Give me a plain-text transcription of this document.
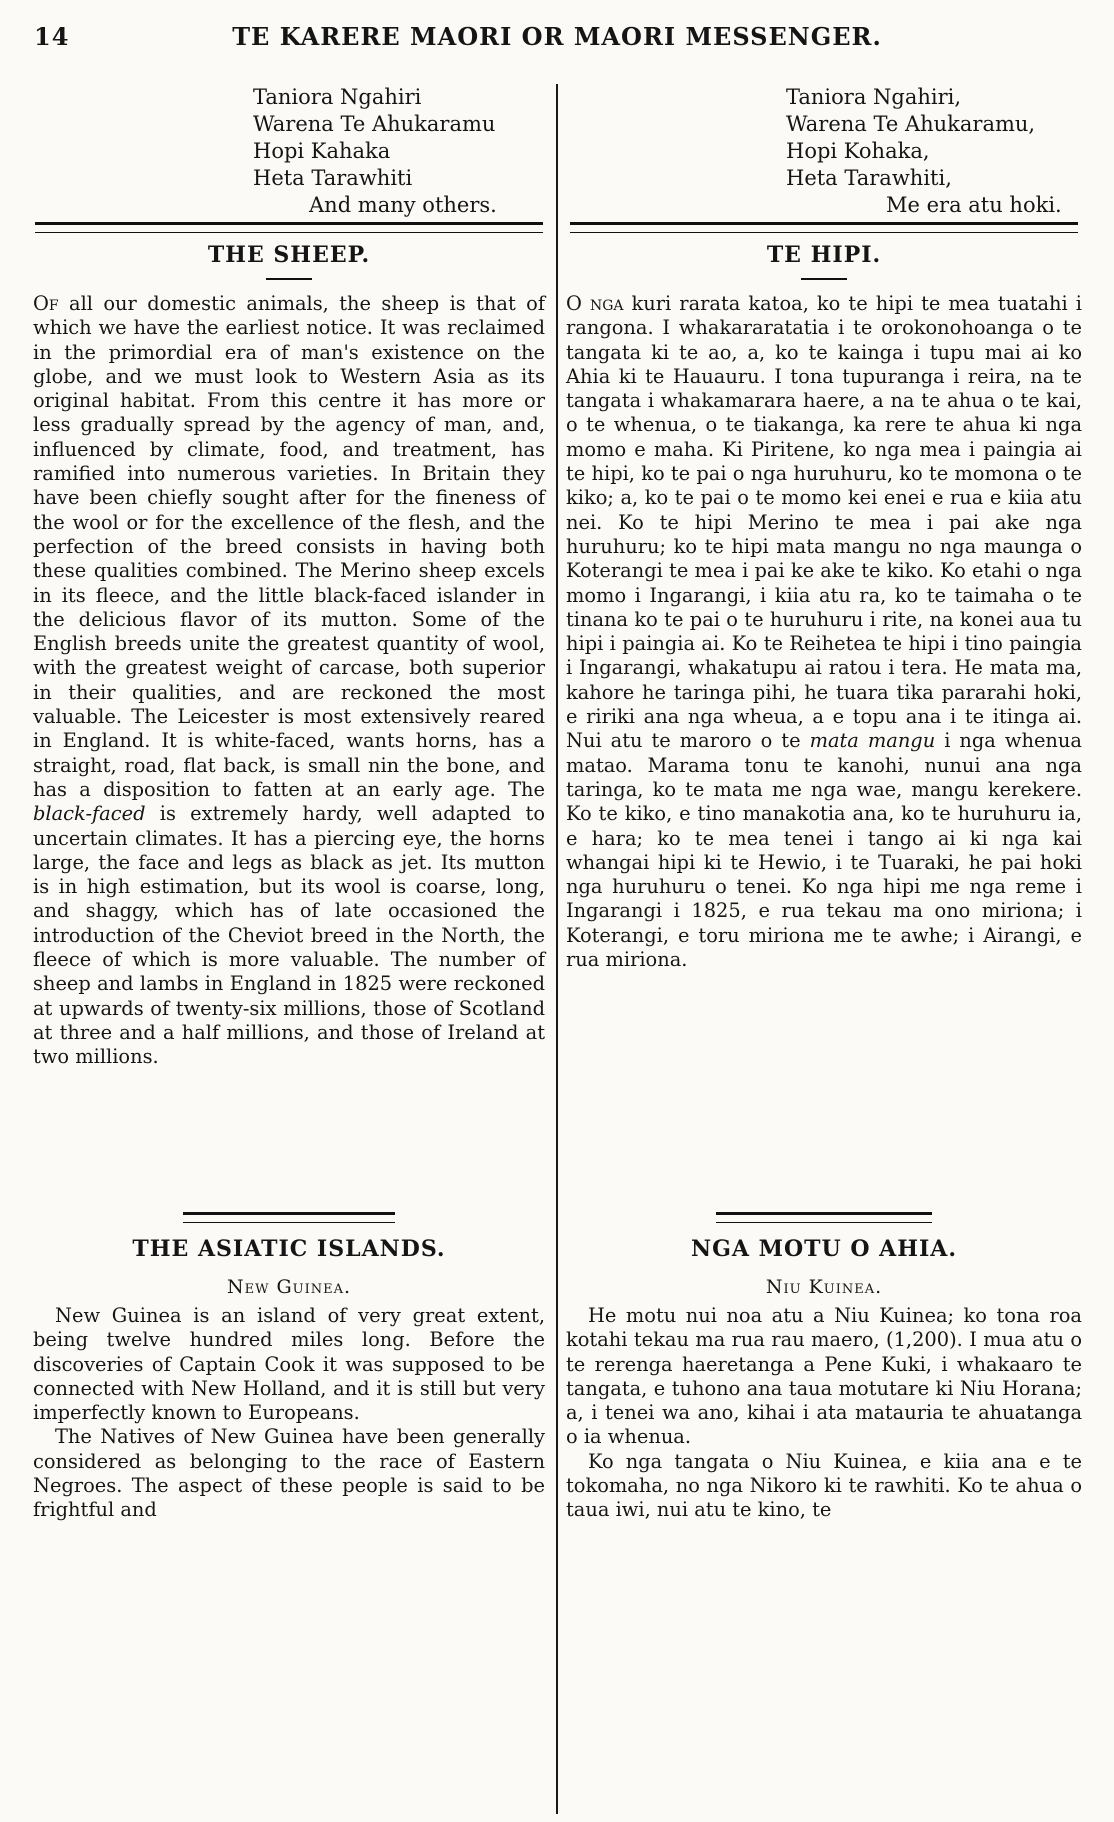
14	TE KARERE MAORI OR MAORI MESSENGER.
Taniora Ngahiri
Warena Te Ahukaramu
Hopi Kahaka
Heta Tarawhiti
And many others.
THE SHEEP.

Of all our domestic animals, the sheep is that of which we have the earliest notice. It was reclaimed in the primordial era of man's existence on the globe, and we must look to Western Asia as its original habitat. From this centre it has more or less gradually spread by the agency of man, and, influenced by climate, food, and treatment, has ramified into numerous varieties. In Britain they have been chiefly sought after for the fineness of the wool or for the excellence of the flesh, and the perfection of the breed consists in having both these qualities combined. The Merino sheep excels in its fleece, and the little black-faced islander in the delicious flavor of its mutton. Some of the English breeds unite the greatest quantity of wool, with the greatest weight of carcase, both superior in their qualities, and are reckoned the most valuable. The Leicester is most extensively reared in England. It is white-faced, wants horns, has a straight, road, flat back, is small nin the bone, and has a disposition to fatten at an early age. The black-faced is extremely hardy, well adapted to uncertain climates. It has a piercing eye, the horns large, the face and legs as black as jet. Its mutton is in high estimation, but its wool is coarse, long, and shaggy, which has of late occasioned the introduction of the Cheviot breed in the North, the fleece of which is more valuable. The number of sheep and lambs in England in 1825 were reckoned at upwards of twenty-six millions, those of Scotland at three and a half millions, and those of Ireland at two millions.

THE ASIATIC ISLANDS.
New Guinea.

New Guinea is an island of very great extent, being twelve hundred miles long. Before the discoveries of Captain Cook it was supposed to be connected with New Holland, and it is still but very imperfectly known to Europeans.

The Natives of New Guinea have been generally considered as belonging to the race of Eastern Negroes. The aspect of these people is said to be frightful and

Taniora Ngahiri,
Warena Te Ahukaramu,
Hopi Kohaka,
Heta Tarawhiti,
Me era atu hoki.
TE HIPI.

O nga kuri rarata katoa, ko te hipi te mea tuatahi i rangona. I whakararatatia i te orokonohoanga o te tangata ki te ao, a, ko te kainga i tupu mai ai ko Ahia ki te Hauauru. I tona tupuranga i reira, na te tangata i whakamarara haere, a na te ahua o te kai, o te whenua, o te tiakanga, ka rere te ahua ki nga momo e maha. Ki Piritene, ko nga mea i paingia ai te hipi, ko te pai o nga huruhuru, ko te momona o te kiko; a, ko te pai o te momo kei enei e rua e kiia atu nei. Ko te hipi Merino te mea i pai ake nga huruhuru; ko te hipi mata mangu no nga maunga o Koterangi te mea i pai ke ake te kiko. Ko etahi o nga momo i Ingarangi, i kiia atu ra, ko te taimaha o te tinana ko te pai o te huruhuru i rite, na konei aua tu hipi i paingia ai. Ko te Reihetea te hipi i tino paingia i Ingarangi, whakatupu ai ratou i tera. He mata ma, kahore he taringa pihi, he tuara tika pararahi hoki, e ririki ana nga wheua, a e topu ana i te itinga ai. Nui atu te maroro o te mata mangu i nga whenua matao. Marama tonu te kanohi, nunui ana nga taringa, ko te mata me nga wae, mangu kerekere. Ko te kiko, e tino manakotia ana, ko te huruhuru ia, e hara; ko te mea tenei i tango ai ki nga kai whangai hipi ki te Hewio, i te Tuaraki, he pai hoki nga huruhuru o tenei. Ko nga hipi me nga reme i Ingarangi i 1825, e rua tekau ma ono miriona; i Koterangi, e toru miriona me te awhe; i Airangi, e rua miriona.

NGA MOTU O AHIA.
Niu Kuinea.

He motu nui noa atu a Niu Kuinea; ko tona roa kotahi tekau ma rua rau maero, (1,200). I mua atu o te rerenga haeretanga a Pene Kuki, i whakaaro te tangata, e tuhono ana taua motutare ki Niu Horana; a, i tenei wa ano, kihai i ata matauria te ahuatanga o ia whenua.

Ko nga tangata o Niu Kuinea, e kiia ana e te tokomaha, no nga Nikoro ki te rawhiti. Ko te ahua o taua iwi, nui atu te kino, te
